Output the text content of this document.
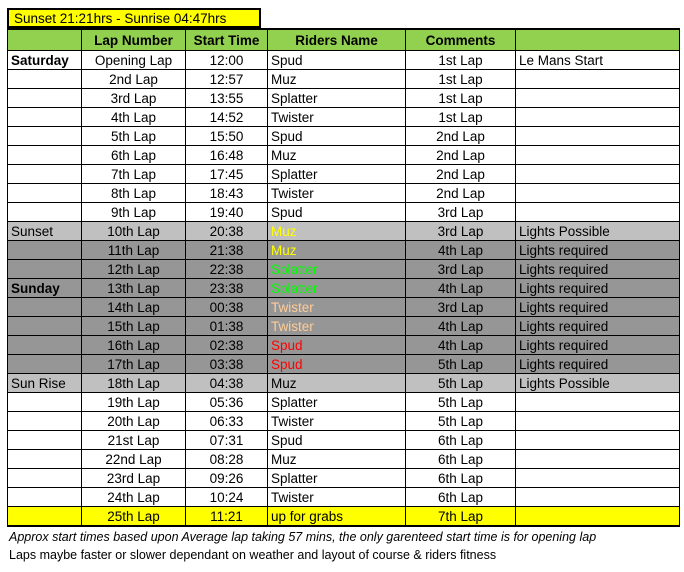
Sunset 21:21hrs - Sunrise 04:47hrs
	Lap Number	Start Time	Riders Name	Comments	
Saturday	Opening Lap	12:00	Spud	1st Lap	Le Mans Start
	2nd Lap	12:57	Muz	1st Lap	
	3rd Lap	13:55	Splatter	1st Lap	
	4th Lap	14:52	Twister	1st Lap	
	5th Lap	15:50	Spud	2nd Lap	
	6th Lap	16:48	Muz	2nd Lap	
	7th Lap	17:45	Splatter	2nd Lap	
	8th Lap	18:43	Twister	2nd Lap	
	9th Lap	19:40	Spud	3rd Lap	
Sunset	10th Lap	20:38	Muz	3rd Lap	Lights Possible
	11th Lap	21:38	Muz	4th Lap	Lights required
	12th Lap	22:38	Splatter	3rd Lap	Lights required
Sunday	13th Lap	23:38	Splatter	4th Lap	Lights required
	14th Lap	00:38	Twister	3rd Lap	Lights required
	15th Lap	01:38	Twister	4th Lap	Lights required
	16th Lap	02:38	Spud	4th Lap	Lights required
	17th Lap	03:38	Spud	5th Lap	Lights required
Sun Rise	18th Lap	04:38	Muz	5th Lap	Lights Possible
	19th Lap	05:36	Splatter	5th Lap	
	20th Lap	06:33	Twister	5th Lap	
	21st Lap	07:31	Spud	6th Lap	
	22nd Lap	08:28	Muz	6th Lap	
	23rd Lap	09:26	Splatter	6th Lap	
	24th Lap	10:24	Twister	6th Lap	
	25th Lap	11:21	up for grabs	7th Lap	
Approx start times based upon Average lap taking 57 mins, the only garenteed start time is for opening lap
Laps maybe faster or slower dependant on weather and layout of course & riders fitness
